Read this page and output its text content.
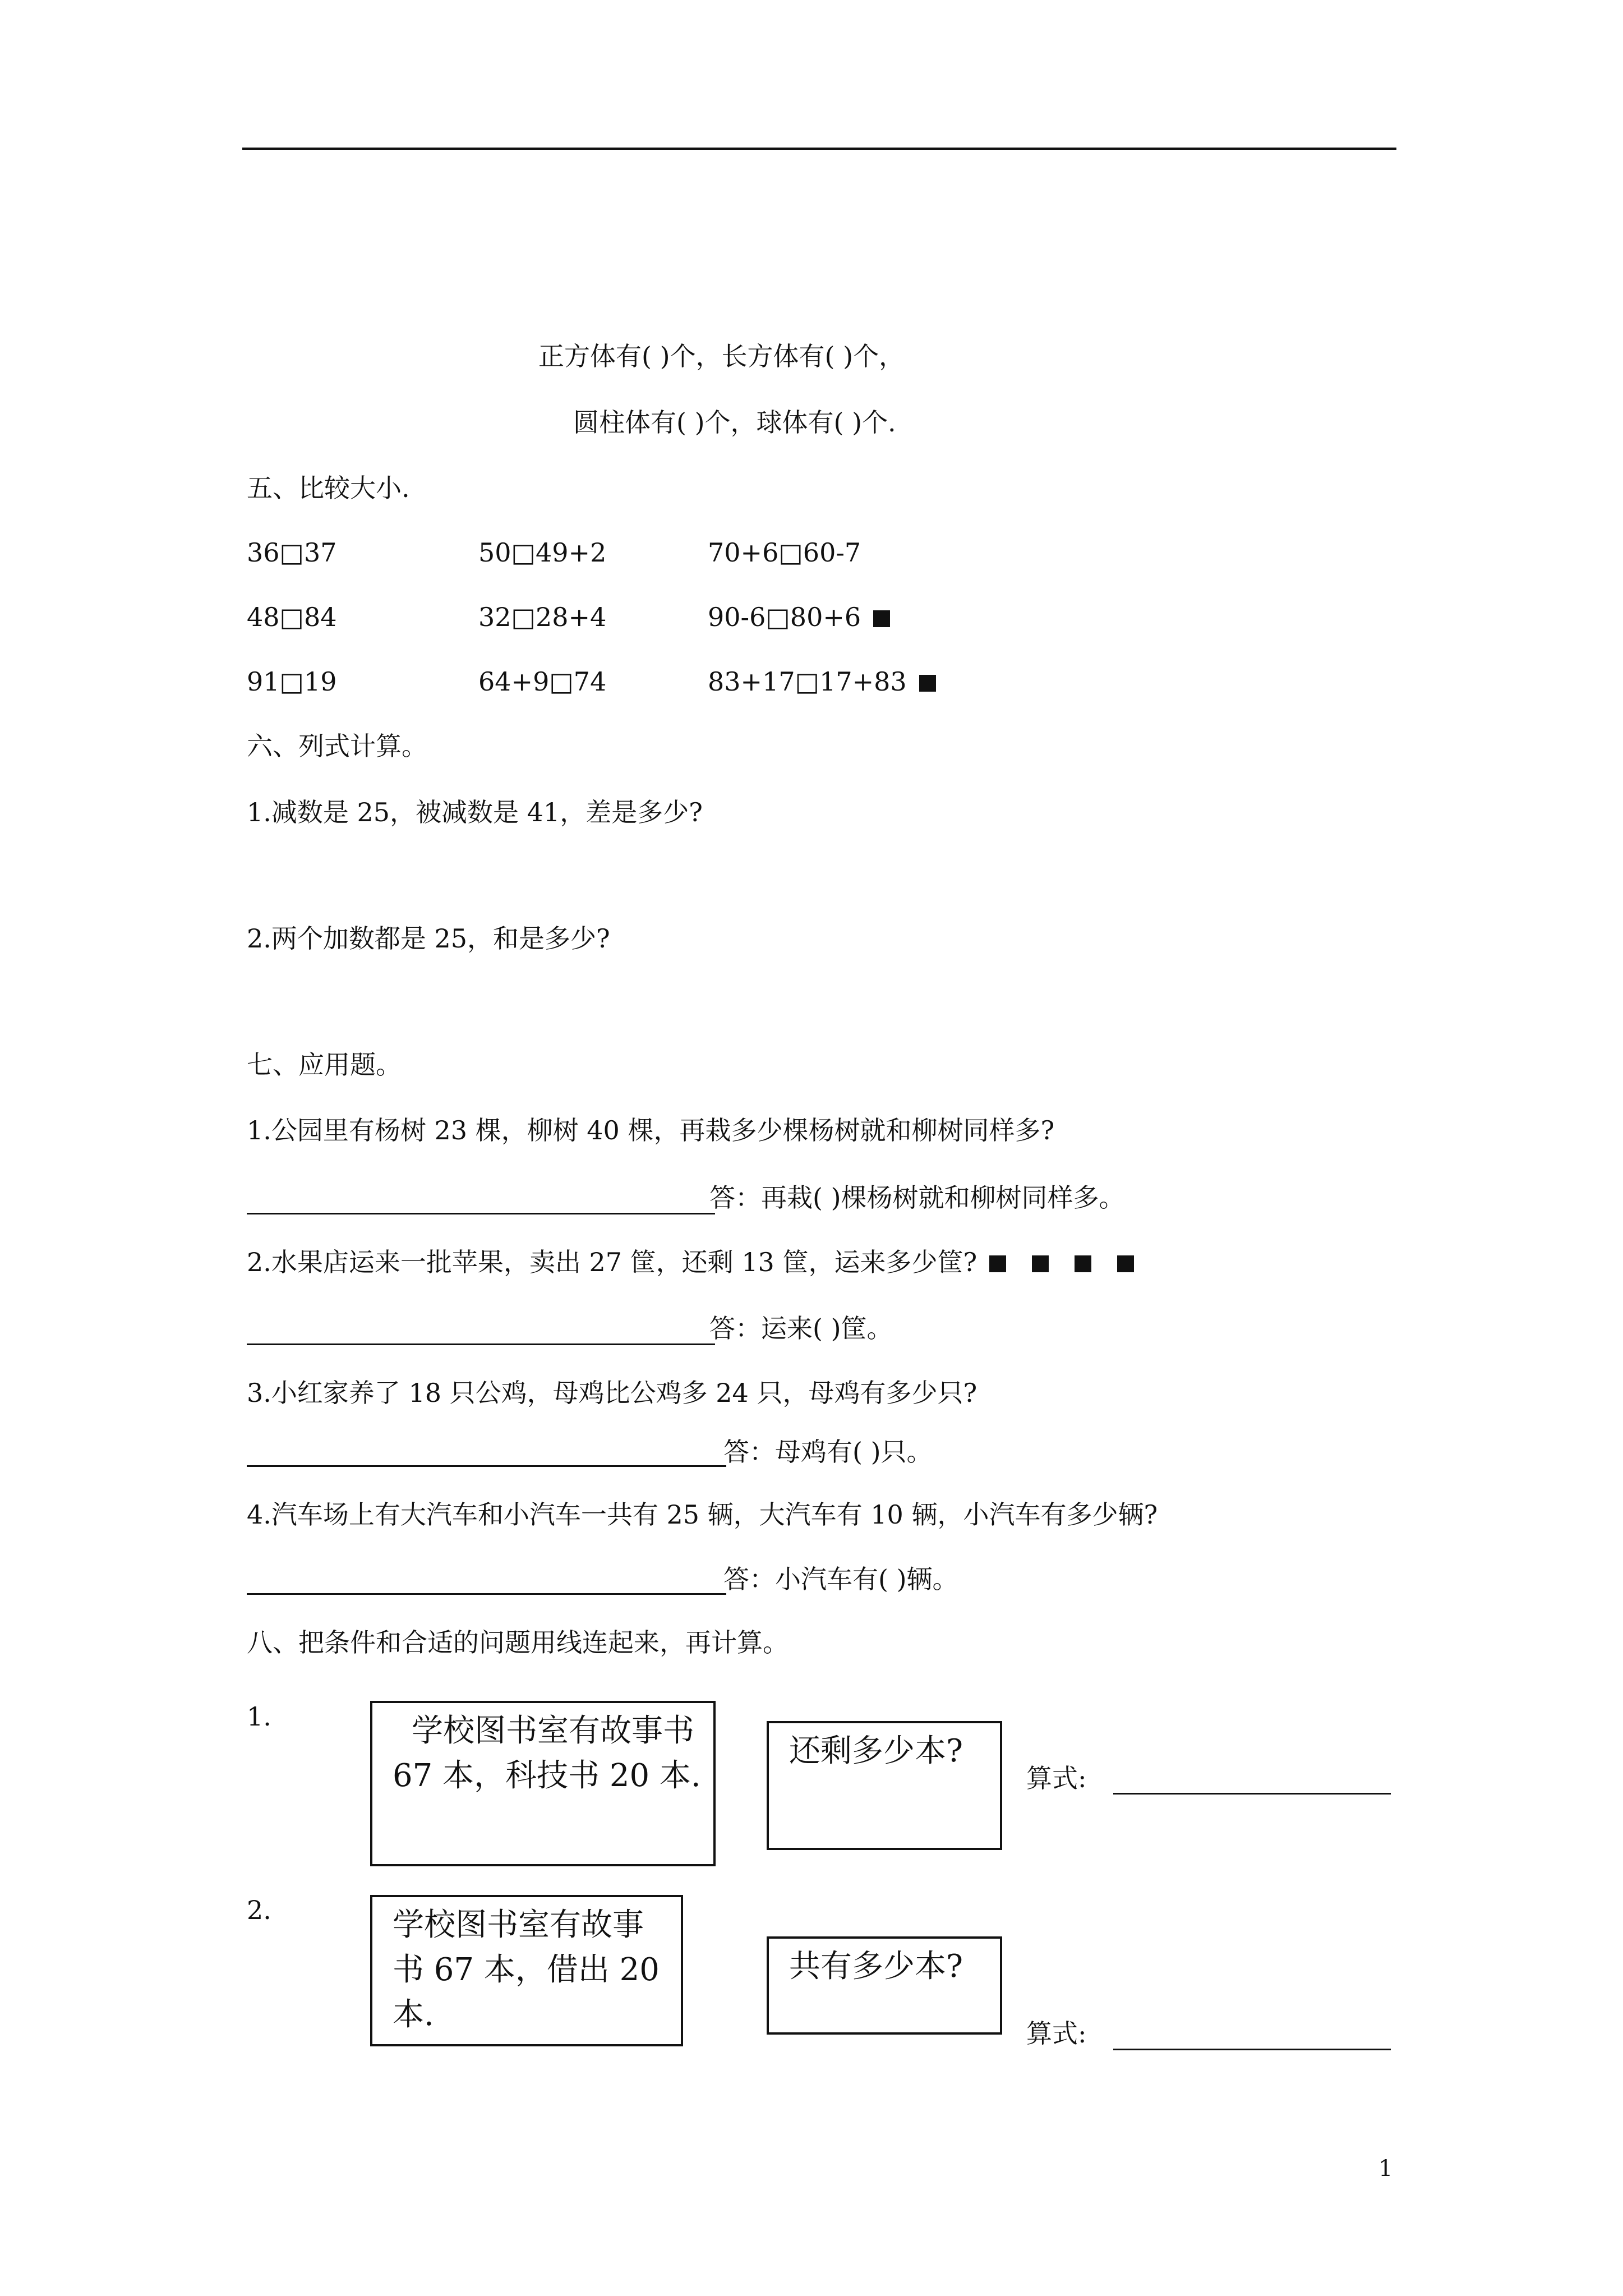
正方体有( )个，长方体有( )个，
圆柱体有( )个，球体有( )个.
五、比较大小.
36□37	50□49+2	70+6□60-7
48□84	32□28+4	90-6□80+6
91□19	64+9□74	83+17□17+83
六、列式计算。
1.减数是 25，被减数是 41，差是多少?
2.两个加数都是 25，和是多少?
七、应用题。
1.公园里有杨树 23 棵，柳树 40 棵，再栽多少棵杨树就和柳树同样多?
答：再栽( )棵杨树就和柳树同样多。
2.水果店运来一批苹果，卖出 27 筐，还剩 13 筐，运来多少筐?
答：运来( )筐。
3.小红家养了 18 只公鸡，母鸡比公鸡多 24 只，母鸡有多少只?
答：母鸡有( )只。
4.汽车场上有大汽车和小汽车一共有 25 辆，大汽车有 10 辆，小汽车有多少辆?
答：小汽车有( )辆。
八、把条件和合适的问题用线连起来，再计算。
1.	学校图书室有故事书 67 本，科技书 20 本.
还剩多少本?
算式:
2.	学校图书室有故事书 67 本，借出 20 本.
共有多少本?
算式:
1
